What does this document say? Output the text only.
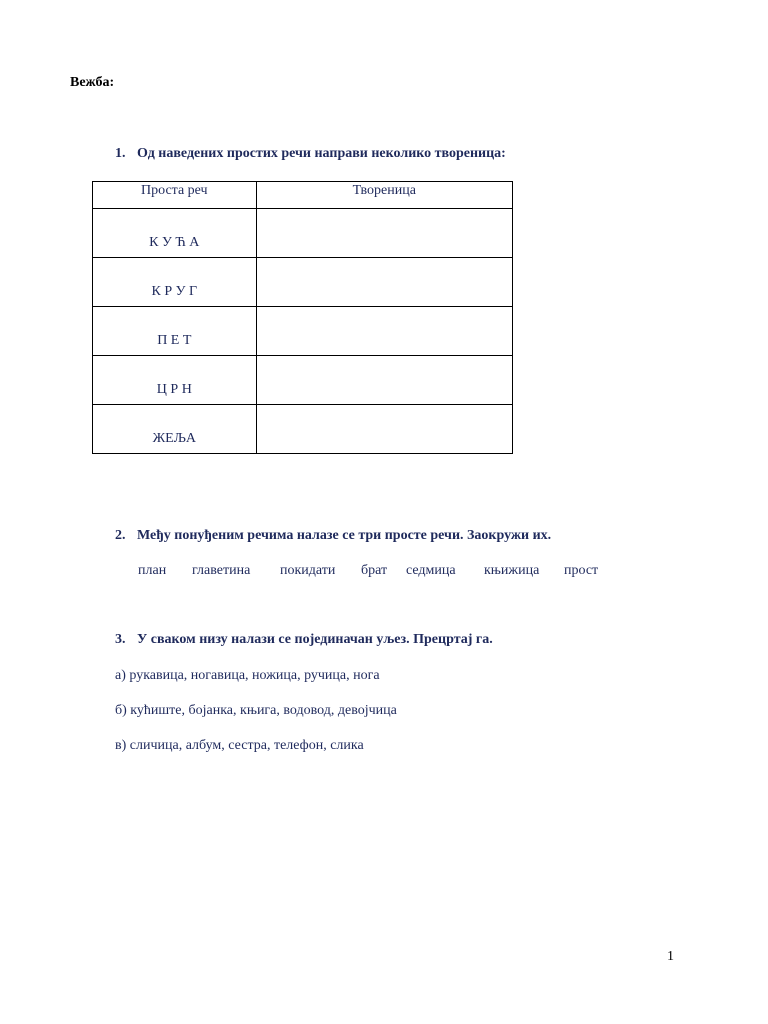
Вежба:
1. Од наведених простих речи направи неколико твореница:
Проста реч	Твореница
К У Ћ А	
К Р У Г	
П Е Т	
Ц Р Н	
ЖЕЉА	
2. Међу понуђеним речима налазе се три просте речи. Заокружи их.
план главетина покидати брат седмица књижица прост
3. У сваком низу налази се појединачан уљез. Прецртај га.
а) рукавица, ногавица, ножица, ручица, нога
б) кућиште, бојанка, књига, водовод, девојчица
в) сличица, албум, сестра, телефон, слика
1
